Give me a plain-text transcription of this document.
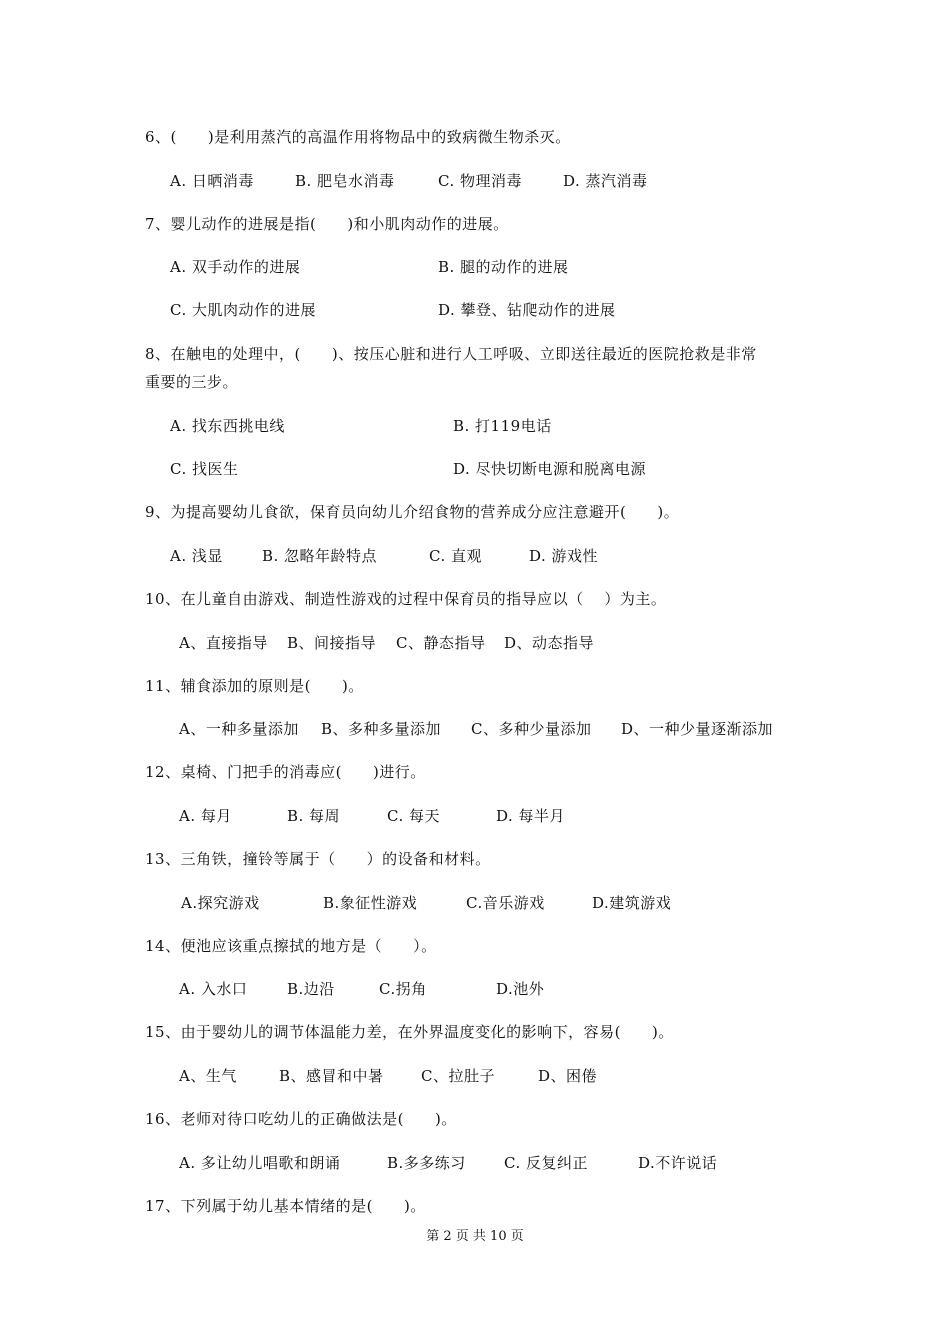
6、(　　)是利用蒸汽的高温作用将物品中的致病微生物杀灭。
A. 日晒消毒	B. 肥皂水消毒	C. 物理消毒	D. 蒸汽消毒
7、婴儿动作的进展是指(　　)和小肌肉动作的进展。
A. 双手动作的进展	B. 腿的动作的进展
C. 大肌肉动作的进展	D. 攀登、钻爬动作的进展
8、在触电的处理中，(　　)、按压心脏和进行人工呼吸、立即送往最近的医院抢救是非常
重要的三步。
A. 找东西挑电线	B. 打119电话
C. 找医生	D. 尽快切断电源和脱离电源
9、为提高婴幼儿食欲，保育员向幼儿介绍食物的营养成分应注意避开(　　)。
A. 浅显	B. 忽略年龄特点	C. 直观	D. 游戏性
10、在儿童自由游戏、制造性游戏的过程中保育员的指导应以（　 ）为主。
A、直接指导 B、间接指导 C、静态指导 D、动态指导
11、辅食添加的原则是(　　)。
A、一种多量添加 B、多种多量添加 C、多种少量添加 D、一种少量逐渐添加
12、桌椅、门把手的消毒应(　　)进行。
A. 每月	B. 每周	C. 每天	D. 每半月
13、三角铁，撞铃等属于（　　）的设备和材料。
A.探究游戏	B.象征性游戏	C.音乐游戏	D.建筑游戏
14、便池应该重点擦拭的地方是（　　）。
A. 入水口	B.边沿	C.拐角	D.池外
15、由于婴幼儿的调节体温能力差，在外界温度变化的影响下，容易(　　)。
A、生气	B、感冒和中暑 C、拉肚子	D、困倦
16、老师对待口吃幼儿的正确做法是(　　)。
A. 多让幼儿唱歌和朗诵	B.多多练习	C. 反复纠正	D.不许说话
17、下列属于幼儿基本情绪的是(　　)。
第 2 页 共 10 页
